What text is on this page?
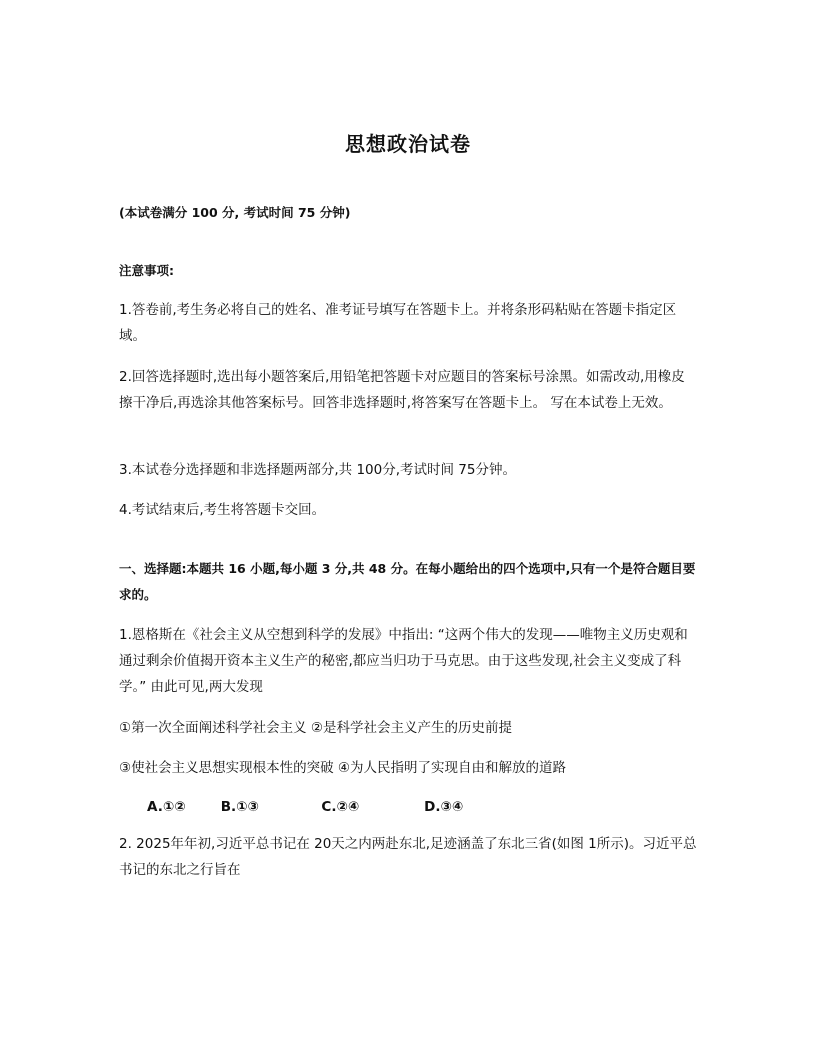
思想政治试卷
(本试卷满分 100 分, 考试时间 75 分钟)
注意事项:
1.答卷前,考生务必将自己的姓名、准考证号填写在答题卡上。并将条形码粘贴在答题卡指定区域。
2.回答选择题时,选出每小题答案后,用铅笔把答题卡对应题目的答案标号涂黑。如需改动,用橡皮擦干净后,再选涂其他答案标号。回答非选择题时,将答案写在答题卡上。 写在本试卷上无效。
3.本试卷分选择题和非选择题两部分,共 100分,考试时间 75分钟。
4.考试结束后,考生将答题卡交回。
一、选择题:本题共 16 小题,每小题 3 分,共 48 分。在每小题给出的四个选项中,只有一个是符合题目要求的。
1.恩格斯在《社会主义从空想到科学的发展》中指出: “这两个伟大的发现——唯物主义历史观和通过剩余价值揭开资本主义生产的秘密,都应当归功于马克思。由于这些发现,社会主义变成了科学。” 由此可见,两大发现
①第一次全面阐述科学社会主义 ②是科学社会主义产生的历史前提
③使社会主义思想实现根本性的突破 ④为人民指明了实现自由和解放的道路
A.①②	B.①③	C.②④	D.③④
2. 2025年年初,习近平总书记在 20天之内两赴东北,足迹涵盖了东北三省(如图 1所示)。习近平总书记的东北之行旨在
